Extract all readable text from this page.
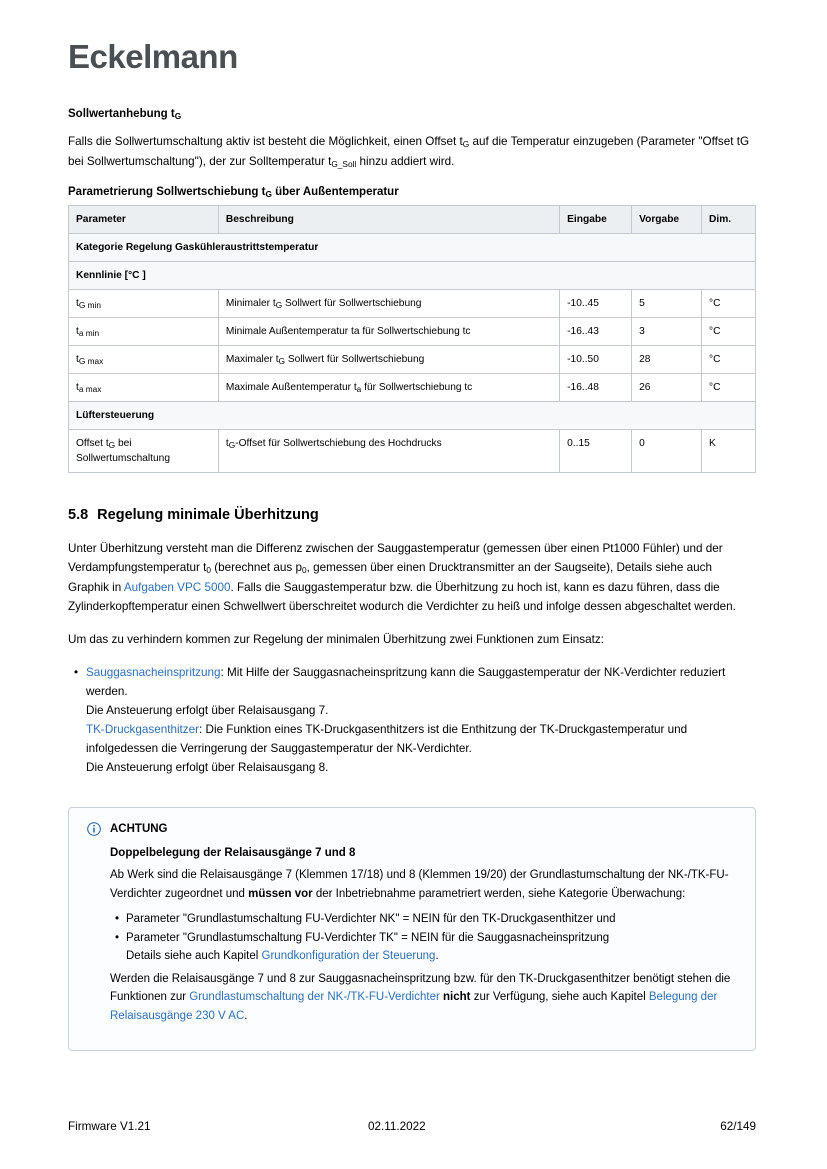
Eckelmann
Sollwertanhebung $t_G$

Falls die Sollwertumschaltung aktiv ist besteht die Möglichkeit, einen Offset $t_G$ auf die Temperatur einzugeben (Parameter "Offset tG bei Sollwertumschaltung"), der zur Solltemperatur $t_{G\_Soll}$ hinzu addiert wird.

Parametrierung Sollwertschiebung $t_G$ über Außentemperatur
Parameter	Beschreibung	Eingabe	Vorgabe	Dim.
Kategorie Regelung Gaskühleraustrittstemperatur				
Kennlinie [°C ]				
$t_{G min}$	Minimaler $t_G$ Sollwert für Sollwertschiebung	-10..45	5	°C
$t_{a min}$	Minimale Außentemperatur ta für Sollwertschiebung tc	-16..43	3	°C
$t_{G max}$	Maximaler $t_G$ Sollwert für Sollwertschiebung	-10..50	28	°C
$t_{a max}$	Maximale Außentemperatur $t_a$ für Sollwertschiebung tc	-16..48	26	°C
Lüftersteuerung				
Offset $t_G$ bei Sollwertumschaltung	$t_G$-Offset für Sollwertschiebung des Hochdrucks	0..15	0	K
5.8 Regelung minimale Überhitzung

Unter Überhitzung versteht man die Differenz zwischen der Sauggastemperatur (gemessen über einen Pt1000 Fühler) und der Verdampfungstemperatur $t_0$ (berechnet aus $p_0$, gemessen über einen Drucktransmitter an der Saugseite), Details siehe auch Graphik in Aufgaben VPC 5000. Falls die Sauggastemperatur bzw. die Überhitzung zu hoch ist, kann es dazu führen, dass die Zylinderkopftemperatur einen Schwellwert überschreitet wodurch die Verdichter zu heiß und infolge dessen abgeschaltet werden.

Um das zu verhindern kommen zur Regelung der minimalen Überhitzung zwei Funktionen zum Einsatz:

• Sauggasnacheinspritzung: Mit Hilfe der Sauggasnacheinspritzung kann die Sauggastemperatur der NK-Verdichter reduziert werden.
Die Ansteuerung erfolgt über Relaisausgang 7.
TK-Druckgasenthitzer: Die Funktion eines TK-Druckgasenthitzers ist die Enthitzung der TK-Druckgastemperatur und infolgedessen die Verringerung der Sauggastemperatur der NK-Verdichter.
Die Ansteuerung erfolgt über Relaisausgang 8.
ACHTUNG
Doppelbelegung der Relaisausgänge 7 und 8
Ab Werk sind die Relaisausgänge 7 (Klemmen 17/18) und 8 (Klemmen 19/20) der Grundlastumschaltung der NK-/TK-FU-Verdichter zugeordnet und müssen vor der Inbetriebnahme parametriert werden, siehe Kategorie Überwachung:
• Parameter "Grundlastumschaltung FU-Verdichter NK" = NEIN für den TK-Druckgasenthitzer und
• Parameter "Grundlastumschaltung FU-Verdichter TK" = NEIN für die Sauggasnacheinspritzung
Details siehe auch Kapitel Grundkonfiguration der Steuerung.
Werden die Relaisausgänge 7 und 8 zur Sauggasnacheinspritzung bzw. für den TK-Druckgasenthitzer benötigt stehen die Funktionen zur Grundlastumschaltung der NK-/TK-FU-Verdichter nicht zur Verfügung, siehe auch Kapitel Belegung der Relaisausgänge 230 V AC.
Firmware V1.21	02.11.2022	62/149
